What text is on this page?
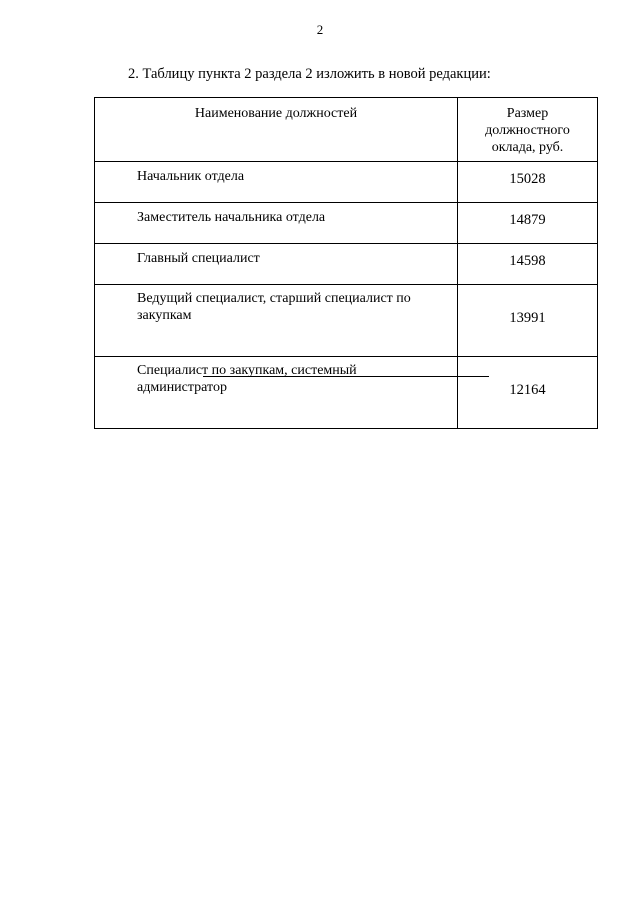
2
2. Таблицу пункта 2 раздела 2 изложить в новой редакции:
Наименование должностей	Размер
должностного
оклада, руб.

Начальник отдела	15028
Заместитель начальника отдела	14879
Главный специалист	14598

Ведущий специалист, старший специалист по
закупкам	13991

Специалист по закупкам, системный
администратор	12164
